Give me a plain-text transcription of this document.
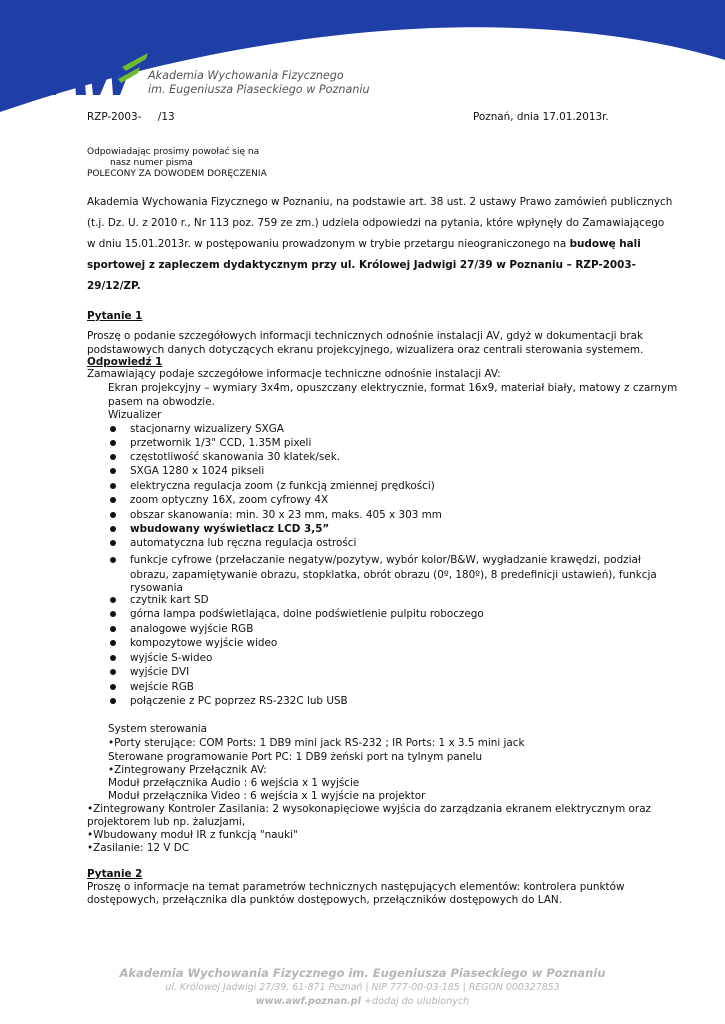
Akademia Wychowania Fizycznego
im. Eugeniusza Piaseckiego w Poznaniu
RZP-2003-     /13	Poznań, dnia 17.01.2013r.
Odpowiadając prosimy powołać się na
nasz numer pisma
POLECONY ZA DOWODEM DORĘCZENIA
Akademia Wychowania Fizycznego w Poznaniu, na podstawie art. 38 ust. 2 ustawy Prawo zamówień publicznych
(t.j. Dz. U. z 2010 r., Nr 113 poz. 759 ze zm.) udziela odpowiedzi na pytania, które wpłynęły do Zamawiającego
w dniu 15.01.2013r. w postępowaniu prowadzonym w trybie przetargu nieograniczonego na budowę hali
sportowej z zapleczem dydaktycznym przy ul. Królowej Jadwigi 27/39 w Poznaniu – RZP-2003-
29/12/ZP.
Pytanie 1
Proszę o podanie szczegółowych informacji technicznych odnośnie instalacji AV, gdyż w dokumentacji brak
podstawowych danych dotyczących ekranu projekcyjnego, wizualizera oraz centrali sterowania systemem.
Odpowiedź 1
Zamawiający podaje szczegółowe informacje techniczne odnośnie instalacji AV:
Ekran projekcyjny – wymiary 3x4m, opuszczany elektrycznie, format 16x9, materiał biały, matowy z czarnym
pasem na obwodzie.
Wizualizer
stacjonarny wizualizery SXGA
przetwornik 1/3" CCD, 1.35M pixeli
częstotliwość skanowania 30 klatek/sek.
SXGA 1280 x 1024 pikseli
elektryczna regulacja zoom (z funkcją zmiennej prędkości)
zoom optyczny 16X, zoom cyfrowy 4X
obszar skanowania: min. 30 x 23 mm, maks. 405 x 303 mm
wbudowany wyświetlacz LCD 3,5”
automatyczna lub ręczna regulacja ostrości
funkcje cyfrowe (przełaczanie negatyw/pozytyw, wybór kolor/B&W, wygładzanie krawędzi, podział
czytnik kart SD
górna lampa podświetlająca, dolne podświetlenie pulpitu roboczego
analogowe wyjście RGB
kompozytowe wyjście wideo
wyjście S-wideo
wyjście DVI
wejście RGB
połączenie z PC poprzez RS-232C lub USB
obrazu, zapamiętywanie obrazu, stopklatka, obrót obrazu (0º, 180º), 8 predefinicji ustawień), funkcja
rysowania
System sterowania
•Porty sterujące: COM Ports: 1 DB9 mini jack RS-232 ; IR Ports: 1 x 3.5 mini jack
Sterowane programowanie Port PC: 1 DB9 żeński port na tylnym panelu
•Zintegrowany Przełącznik AV:
Moduł przełącznika Audio : 6 wejścia x 1 wyjście
Moduł przełącznika Video : 6 wejścia x 1 wyjście na projektor
•Zintegrowany Kontroler Zasilania: 2 wysokonapięciowe wyjścia do zarządzania ekranem elektrycznym oraz
projektorem lub np. żaluzjami,
•Wbudowany moduł IR z funkcją "nauki"
•Zasilanie: 12 V DC
Pytanie 2
Proszę o informacje na temat parametrów technicznych następujących elementów: kontrolera punktów
dostępowych, przełącznika dla punktów dostępowych, przełączników dostępowych do LAN.
Akademia Wychowania Fizycznego im. Eugeniusza Piaseckiego w Poznaniu
ul. Królowej Jadwigi 27/39, 61-871 Poznań | NIP 777-00-03-185 | REGON 000327853
www.awf.poznan.pl +dodaj do ulubionych
